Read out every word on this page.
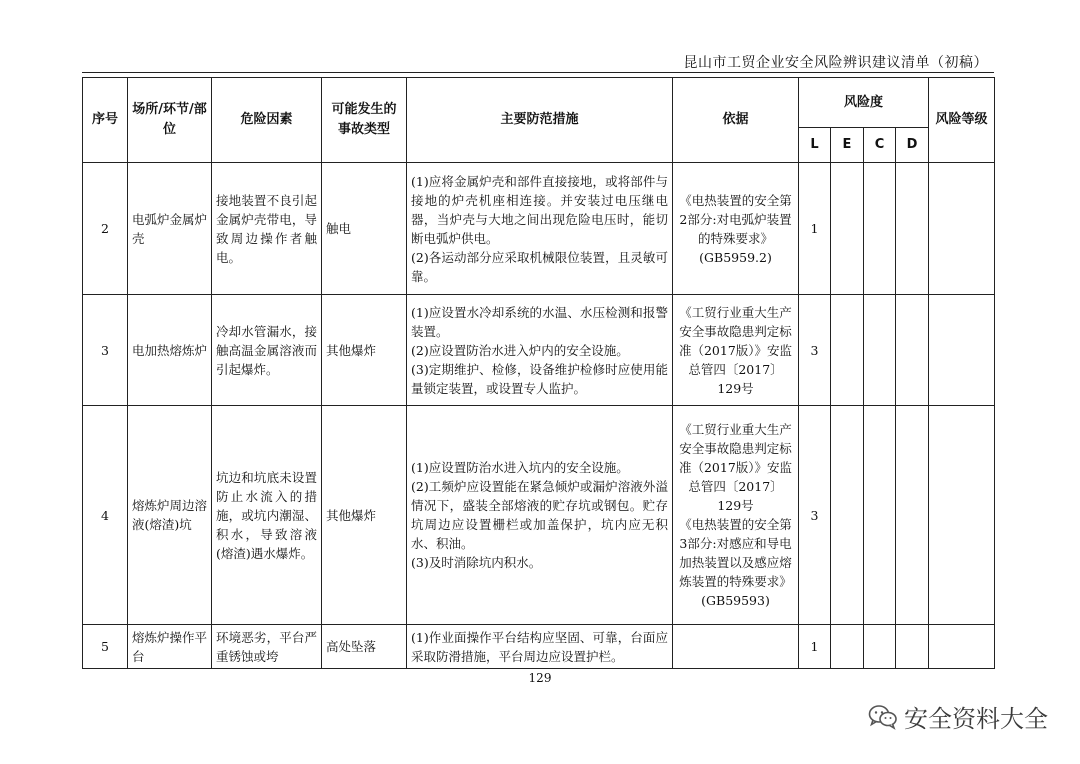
昆山市工贸企业安全风险辨识建议清单（初稿）
序号	场所/环节/部位	危险因素	可能发生的事故类型	主要防范措施	依据	风险度				风险等级
						L	E	C	D	
2	电弧炉金属炉壳	接地装置不良引起金属炉壳带电，导致周边操作者触电。	触电	(1)应将金属炉壳和部件直接接地，或将部件与接地的炉壳机座相连接。并安装过电压继电器，当炉壳与大地之间出现危险电压时，能切断电弧炉供电。
(2)各运动部分应采取机械限位装置，且灵敏可靠。	《电热装置的安全第2部分:对电弧炉装置的特殊要求》(GB5959.2)	1				
3	电加热熔炼炉	冷却水管漏水，接触高温金属溶液而引起爆炸。	其他爆炸	(1)应设置水冷却系统的水温、水压检测和报警装置。
(2)应设置防治水进入炉内的安全设施。
(3)定期维护、检修，设备维护检修时应使用能量锁定装置，或设置专人监护。	《工贸行业重大生产安全事故隐患判定标准（2017版）》安监总管四〔2017〕129号	3				
4	熔炼炉周边溶液(熔渣)坑	坑边和坑底未设置防止水流入的措施，或坑内潮湿、积水，导致溶液(熔渣)遇水爆炸。	其他爆炸	(1)应设置防治水进入坑内的安全设施。
(2)工频炉应设置能在紧急倾炉或漏炉溶液外溢情况下，盛装全部熔液的贮存坑或钢包。贮存坑周边应设置栅栏或加盖保护，坑内应无积水、积油。
(3)及时消除坑内积水。	《工贸行业重大生产安全事故隐患判定标准（2017版）》安监总管四〔2017〕129号
《电热装置的安全第3部分:对感应和导电加热装置以及感应熔炼装置的特殊要求》(GB59593)	3				
5	熔炼炉操作平台	环境恶劣，平台严重锈蚀或垮	高处坠落	(1)作业面操作平台结构应坚固、可靠，台面应采取防滑措施，平台周边应设置护栏。		1				
129
安全资料大全
